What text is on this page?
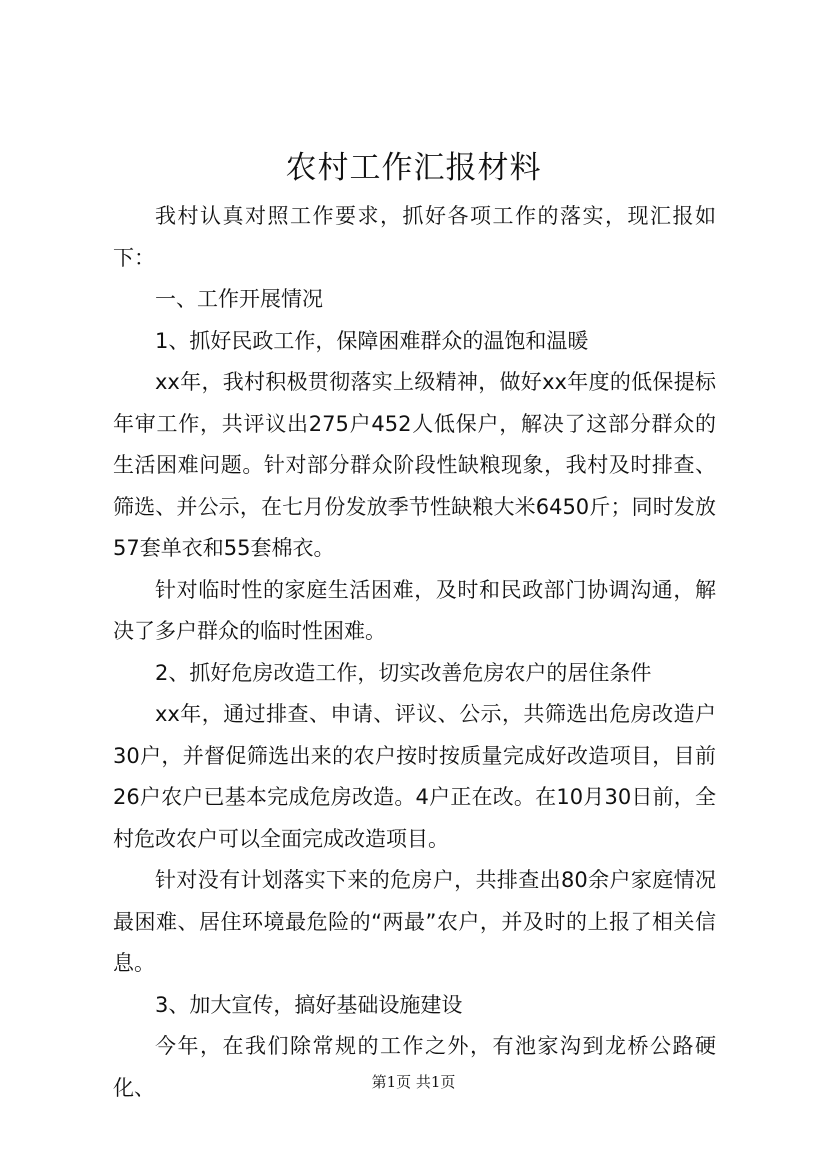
农村工作汇报材料

我村认真对照工作要求，抓好各项工作的落实，现汇报如下：

一、工作开展情况

1、抓好民政工作，保障困难群众的温饱和温暖

xx年，我村积极贯彻落实上级精神，做好xx年度的低保提标年审工作，共评议出275户452人低保户，解决了这部分群众的生活困难问题。针对部分群众阶段性缺粮现象，我村及时排查、筛选、并公示，在七月份发放季节性缺粮大米6450斤；同时发放57套单衣和55套棉衣。

针对临时性的家庭生活困难，及时和民政部门协调沟通，解决了多户群众的临时性困难。

2、抓好危房改造工作，切实改善危房农户的居住条件

xx年，通过排查、申请、评议、公示，共筛选出危房改造户30户，并督促筛选出来的农户按时按质量完成好改造项目，目前26户农户已基本完成危房改造。4户正在改。在10月30日前，全村危改农户可以全面完成改造项目。

针对没有计划落实下来的危房户，共排查出80余户家庭情况最困难、居住环境最危险的“两最”农户，并及时的上报了相关信息。

3、加大宣传，搞好基础设施建设

今年，在我们除常规的工作之外，有池家沟到龙桥公路硬化、	第1页 共1页
